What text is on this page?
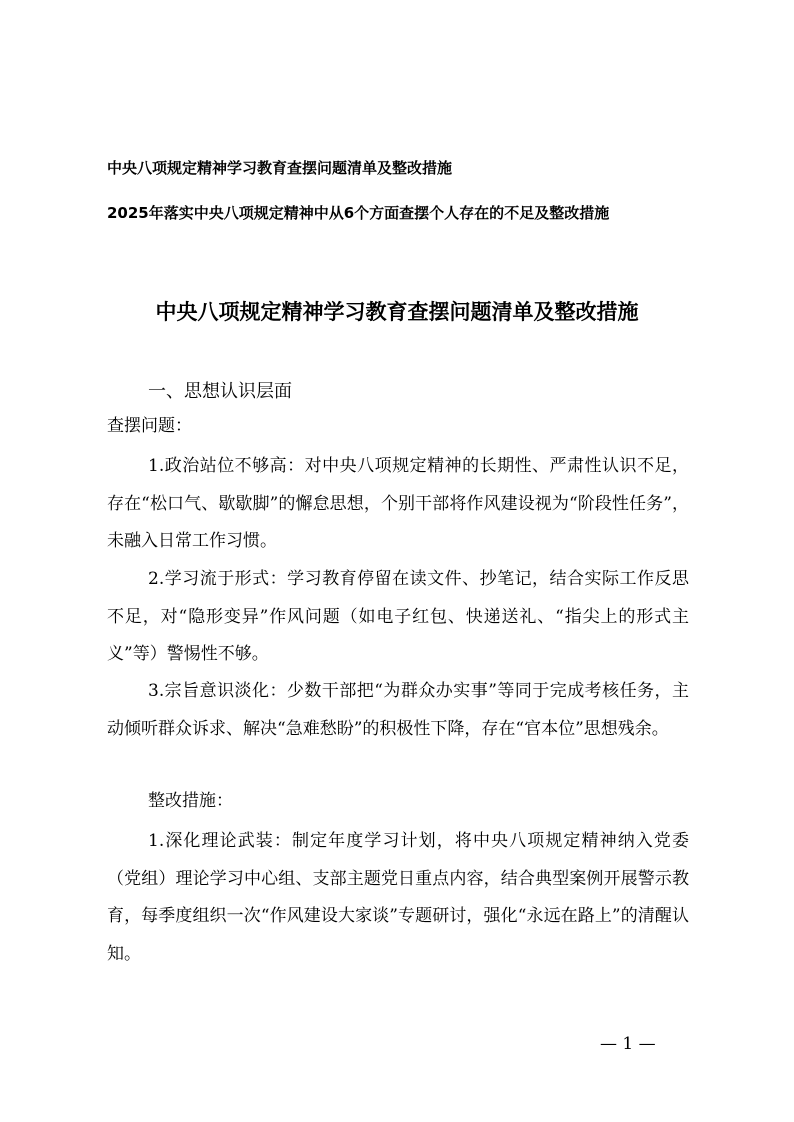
中央八项规定精神学习教育查摆问题清单及整改措施
2025年落实中央八项规定精神中从6个方面查摆个人存在的不足及整改措施
中央八项规定精神学习教育查摆问题清单及整改措施
一、思想认识层面
查摆问题：

1.政治站位不够高：对中央八项规定精神的长期性、严肃性认识不足，存在“松口气、歇歇脚”的懈怠思想，个别干部将作风建设视为“阶段性任务”，未融入日常工作习惯。

2.学习流于形式：学习教育停留在读文件、抄笔记，结合实际工作反思不足，对“隐形变异”作风问题（如电子红包、快递送礼、“指尖上的形式主义”等）警惕性不够。

3.宗旨意识淡化：少数干部把“为群众办实事”等同于完成考核任务，主动倾听群众诉求、解决“急难愁盼”的积极性下降，存在“官本位”思想残余。

整改措施：

1.深化理论武装：制定年度学习计划，将中央八项规定精神纳入党委（党组）理论学习中心组、支部主题党日重点内容，结合典型案例开展警示教育，每季度组织一次“作风建设大家谈”专题研讨，强化“永远在路上”的清醒认知。

— 1 —
